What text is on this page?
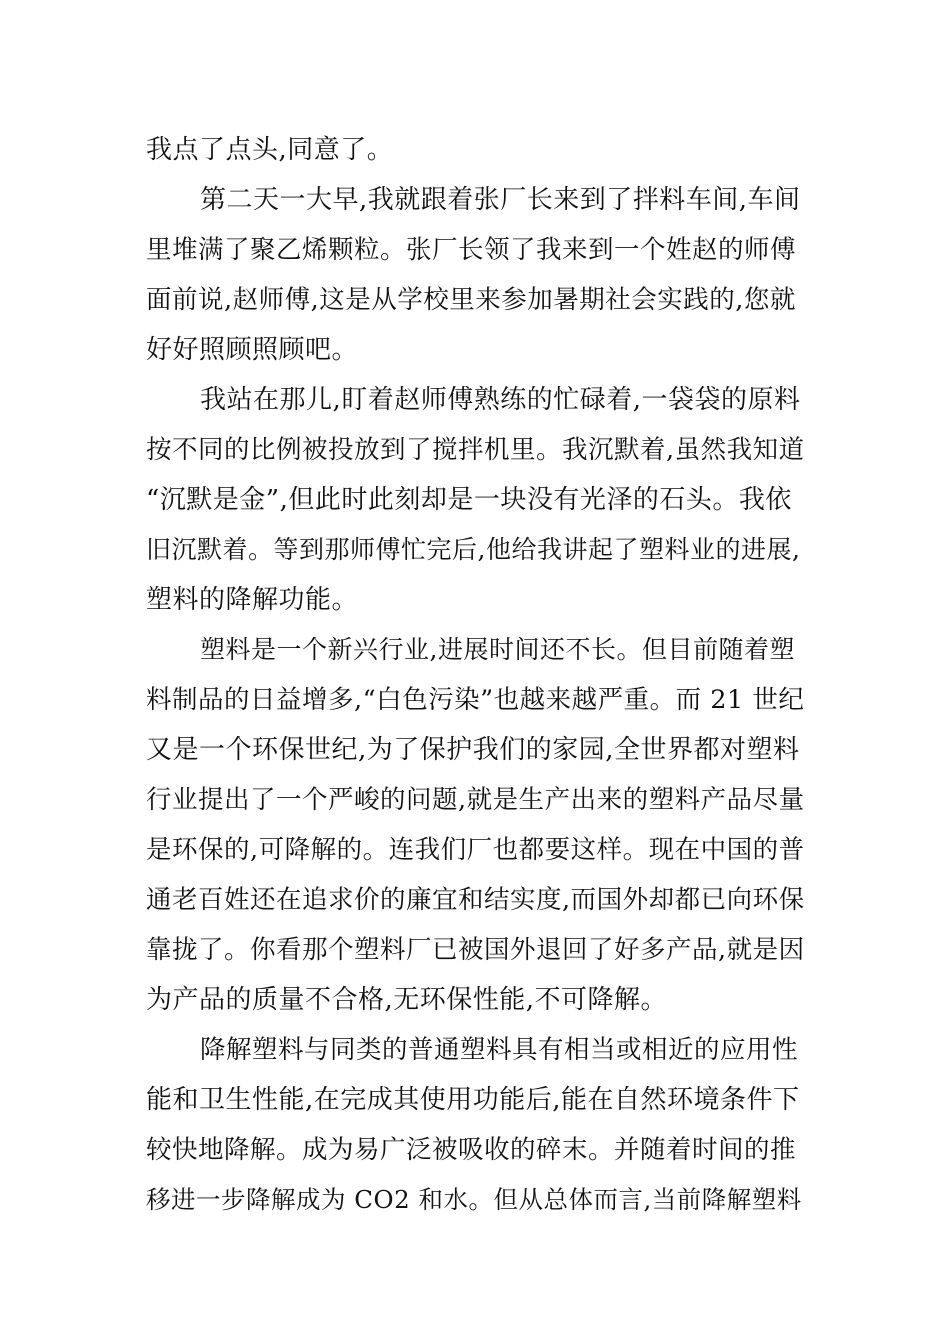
我点了点头,同意了。
第二天一大早,我就跟着张厂长来到了拌料车间,车间
里堆满了聚乙烯颗粒。张厂长领了我来到一个姓赵的师傅
面前说,赵师傅,这是从学校里来参加暑期社会实践的,您就
好好照顾照顾吧。
我站在那儿,盯着赵师傅熟练的忙碌着,一袋袋的原料
按不同的比例被投放到了搅拌机里。我沉默着,虽然我知道
“沉默是金”,但此时此刻却是一块没有光泽的石头。我依
旧沉默着。等到那师傅忙完后,他给我讲起了塑料业的进展,
塑料的降解功能。
塑料是一个新兴行业,进展时间还不长。但目前随着塑
料制品的日益增多,“白色污染”也越来越严重。而 21 世纪
又是一个环保世纪,为了保护我们的家园,全世界都对塑料
行业提出了一个严峻的问题,就是生产出来的塑料产品尽量
是环保的,可降解的。连我们厂也都要这样。现在中国的普
通老百姓还在追求价的廉宜和结实度,而国外却都已向环保
靠拢了。你看那个塑料厂已被国外退回了好多产品,就是因
为产品的质量不合格,无环保性能,不可降解。
降解塑料与同类的普通塑料具有相当或相近的应用性
能和卫生性能,在完成其使用功能后,能在自然环境条件下
较快地降解。成为易广泛被吸收的碎末。并随着时间的推
移进一步降解成为 CO2 和水。但从总体而言,当前降解塑料
